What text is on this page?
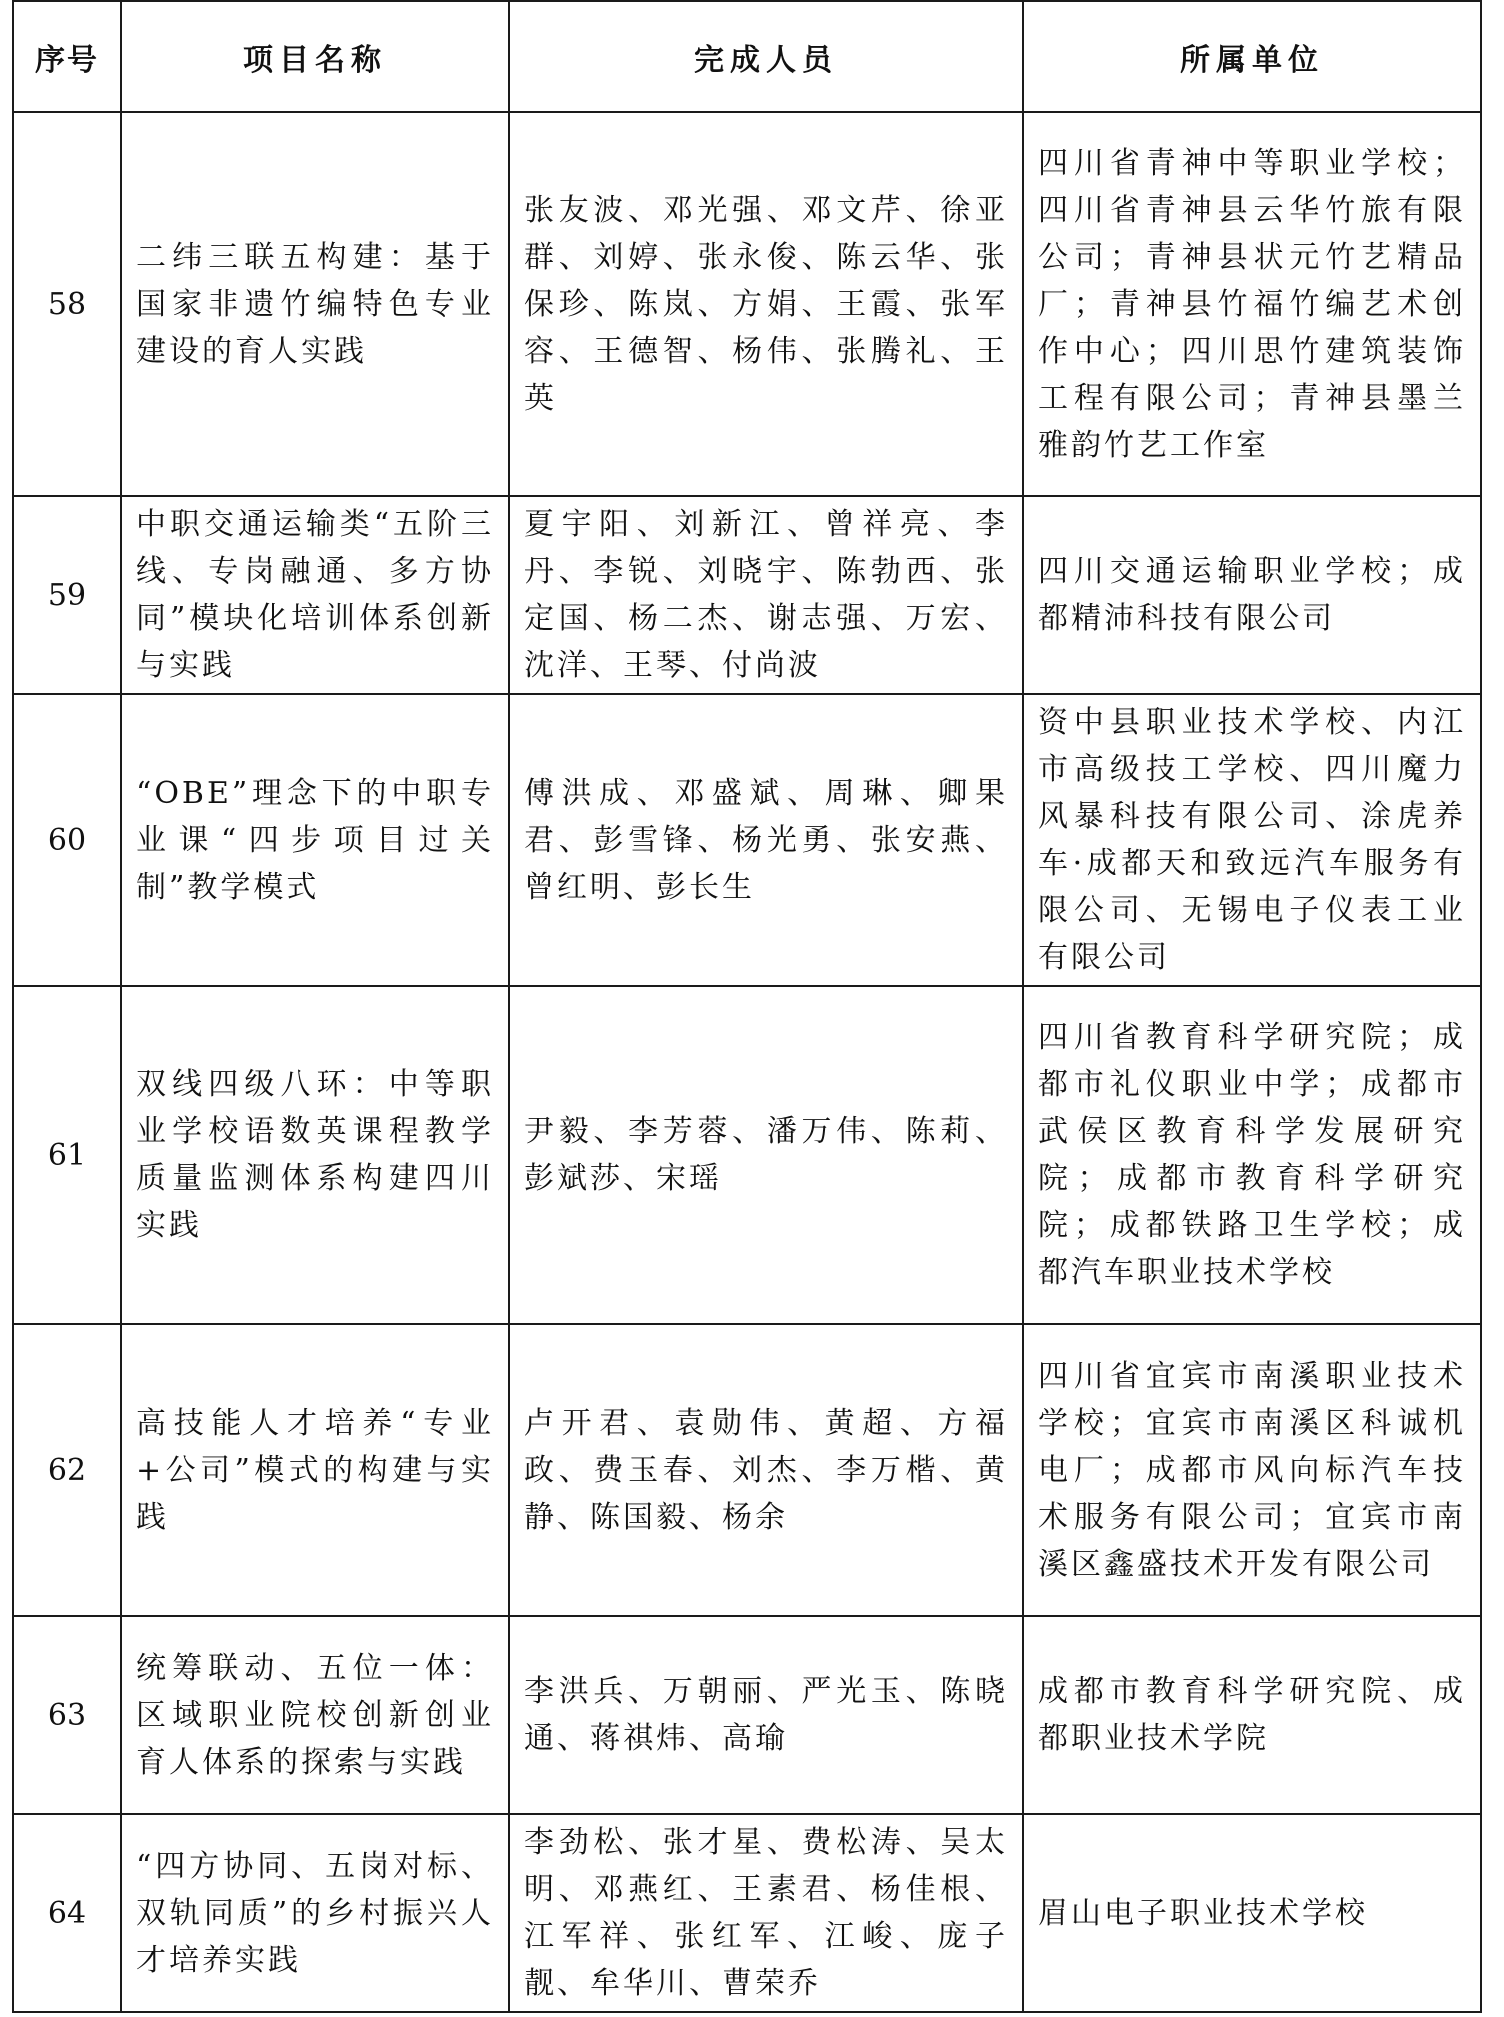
序号	项目名称	完成人员	所属单位
58	二纬三联五构建：基于国家非遗竹编特色专业建设的育人实践	张友波、邓光强、邓文芹、徐亚群、刘婷、张永俊、陈云华、张保珍、陈岚、方娟、王霞、张军容、王德智、杨伟、张腾礼、王英	四川省青神中等职业学校；四川省青神县云华竹旅有限公司；青神县状元竹艺精品厂；青神县竹福竹编艺术创作中心；四川思竹建筑装饰工程有限公司；青神县墨兰雅韵竹艺工作室
59	中职交通运输类“五阶三线、专岗融通、多方协同”模块化培训体系创新与实践	夏宇阳、刘新江、曾祥亮、李丹、李锐、刘晓宇、陈勃西、张定国、杨二杰、谢志强、万宏、沈洋、王琴、付尚波	四川交通运输职业学校；成都精沛科技有限公司
60	“OBE”理念下的中职专业课“四步项目过关制”教学模式	傅洪成、邓盛斌、周琳、卿果君、彭雪锋、杨光勇、张安燕、曾红明、彭长生	资中县职业技术学校、内江市高级技工学校、四川魔力风暴科技有限公司、涂虎养车·成都天和致远汽车服务有限公司、无锡电子仪表工业有限公司
61	双线四级八环：中等职业学校语数英课程教学质量监测体系构建四川实践	尹毅、李芳蓉、潘万伟、陈莉、彭斌莎、宋瑶	四川省教育科学研究院；成都市礼仪职业中学；成都市武侯区教育科学发展研究院；成都市教育科学研究院；成都铁路卫生学校；成都汽车职业技术学校
62	高技能人才培养“专业+公司”模式的构建与实践	卢开君、袁勋伟、黄超、方福政、费玉春、刘杰、李万楷、黄静、陈国毅、杨余	四川省宜宾市南溪职业技术学校；宜宾市南溪区科诚机电厂；成都市风向标汽车技术服务有限公司；宜宾市南溪区鑫盛技术开发有限公司
63	统筹联动、五位一体：区域职业院校创新创业育人体系的探索与实践	李洪兵、万朝丽、严光玉、陈晓通、蒋祺炜、高瑜	成都市教育科学研究院、成都职业技术学院
64	“四方协同、五岗对标、双轨同质”的乡村振兴人才培养实践	李劲松、张才星、费松涛、吴太明、邓燕红、王素君、杨佳根、江军祥、张红军、江峻、庞子靓、牟华川、曹荣乔	眉山电子职业技术学校
